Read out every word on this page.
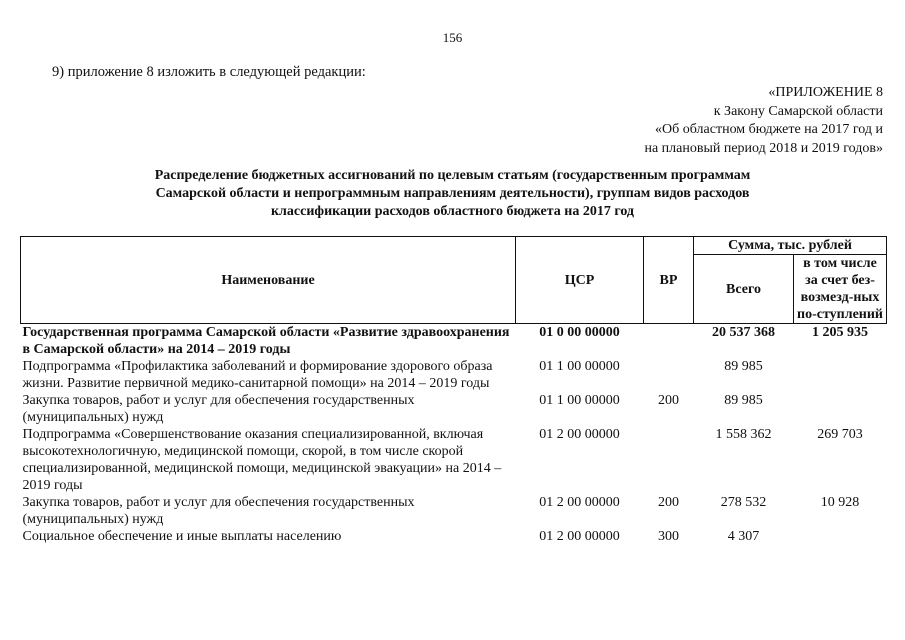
156
9) приложение 8 изложить в следующей редакции:
«ПРИЛОЖЕНИЕ 8
к Закону Самарской области
«Об областном бюджете на 2017 год и
на плановый период 2018 и 2019 годов»
Распределение бюджетных ассигнований по целевым статьям (государственным программам
Самарской области и непрограммным направлениям деятельности), группам видов расходов
классификации расходов областного бюджета на 2017 год
Наименование	ЦСР	ВР	Сумма, тыс. рублей	
			Всего	в том числе за счет без-возмезд-ных по-ступлений
Государственная программа Самарской области «Развитие здравоохранения в Самарской области» на 2014 – 2019 годы	01 0 00 00000		20 537 368	1 205 935
Подпрограмма «Профилактика заболеваний и формирование здорового образа жизни. Развитие первичной медико-санитарной помощи» на 2014 – 2019 годы	01 1 00 00000		89 985	
Закупка товаров, работ и услуг для обеспечения государственных (муниципальных) нужд	01 1 00 00000	200	89 985	
Подпрограмма «Совершенствование оказания специализированной, включая высокотехнологичную, медицинской помощи, скорой, в том числе скорой специализированной, медицинской помощи, медицинской эвакуации» на 2014 – 2019 годы	01 2 00 00000		1 558 362	269 703
Закупка товаров, работ и услуг для обеспечения государственных (муниципальных) нужд	01 2 00 00000	200	278 532	10 928
Социальное обеспечение и иные выплаты населению	01 2 00 00000	300	4 307	
